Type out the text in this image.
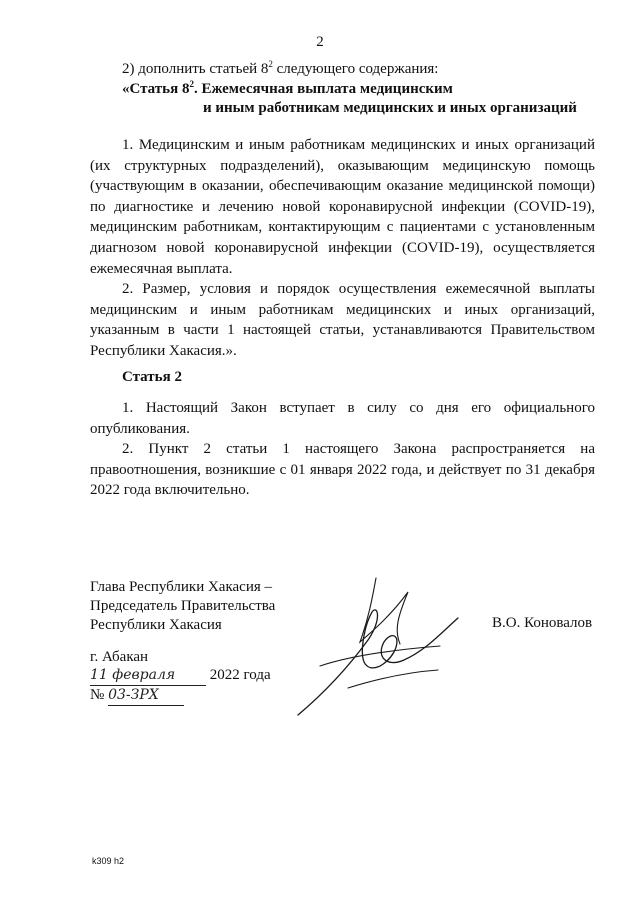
2
2) дополнить статьей $8^2$ следующего содержания:
«Статья $8^2$. Ежемесячная выплата медицинским
и иным работникам медицинских и иных организаций

1. Медицинским и иным работникам медицинских и иных организаций (их структурных подразделений), оказывающим медицинскую помощь (участвующим в оказании, обеспечивающим оказание медицинской помощи) по диагностике и лечению новой коронавирусной инфекции (COVID-19), медицинским работникам, контактирующим с пациентами с установленным диагнозом новой коронавирусной инфекции (COVID-19), осуществляется ежемесячная выплата.

2. Размер, условия и порядок осуществления ежемесячной выплаты медицинским и иным работникам медицинских и иных организаций, указанным в части 1 настоящей статьи, устанавливаются Правительством Республики Хакасия.».

Статья 2

1. Настоящий Закон вступает в силу со дня его официального опубликования.

2. Пункт 2 статьи 1 настоящего Закона распространяется на правоотношения, возникшие с 01 января 2022 года, и действует по 31 декабря 2022 года включительно.

Глава Республики Хакасия –
Председатель Правительства
Республики Хакасия	В.О. Коновалов
г. Абакан
11 февраля 2022 года
№ 03-ЗРХ
k309 h2
